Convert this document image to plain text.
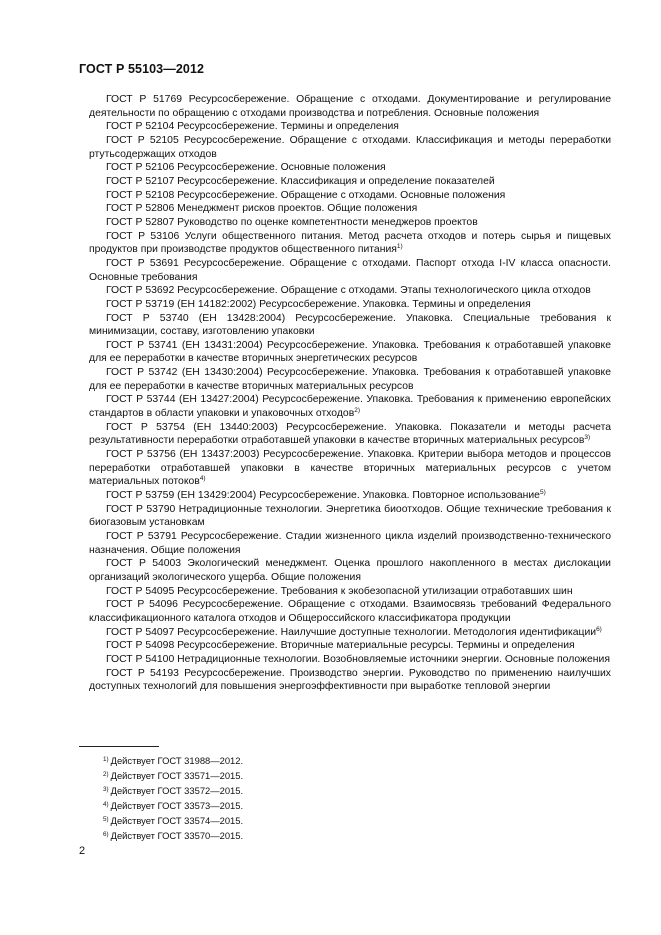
ГОСТ Р 55103—2012

ГОСТ Р 51769 Ресурсосбережение. Обращение с отходами. Документирование и регулирование деятельности по обращению с отходами производства и потребления. Основные положения

ГОСТ Р 52104 Ресурсосбережение. Термины и определения

ГОСТ Р 52105 Ресурсосбережение. Обращение с отходами. Классификация и методы переработки ртутьсодержащих отходов

ГОСТ Р 52106 Ресурсосбережение. Основные положения

ГОСТ Р 52107 Ресурсосбережение. Классификация и определение показателей

ГОСТ Р 52108 Ресурсосбережение. Обращение с отходами. Основные положения

ГОСТ Р 52806 Менеджмент рисков проектов. Общие положения

ГОСТ Р 52807 Руководство по оценке компетентности менеджеров проектов

ГОСТ Р 53106 Услуги общественного питания. Метод расчета отходов и потерь сырья и пищевых продуктов при производстве продуктов общественного питания$^{1)}$

ГОСТ Р 53691 Ресурсосбережение. Обращение с отходами. Паспорт отхода I-IV класса опасности. Основные требования

ГОСТ Р 53692 Ресурсосбережение. Обращение с отходами. Этапы технологического цикла отходов

ГОСТ Р 53719 (ЕН 14182:2002) Ресурсосбережение. Упаковка. Термины и определения

ГОСТ Р 53740 (ЕН 13428:2004) Ресурсосбережение. Упаковка. Специальные требования к минимизации, составу, изготовлению упаковки

ГОСТ Р 53741 (ЕН 13431:2004) Ресурсосбережение. Упаковка. Требования к отработавшей упаковке для ее переработки в качестве вторичных энергетических ресурсов

ГОСТ Р 53742 (ЕН 13430:2004) Ресурсосбережение. Упаковка. Требования к отработавшей упаковке для ее переработки в качестве вторичных материальных ресурсов

ГОСТ Р 53744 (ЕН 13427:2004) Ресурсосбережение. Упаковка. Требования к применению европейских стандартов в области упаковки и упаковочных отходов$^{2)}$

ГОСТ Р 53754 (ЕН 13440:2003) Ресурсосбережение. Упаковка. Показатели и методы расчета результативности переработки отработавшей упаковки в качестве вторичных материальных ресурсов$^{3)}$

ГОСТ Р 53756 (ЕН 13437:2003) Ресурсосбережение. Упаковка. Критерии выбора методов и процессов переработки отработавшей упаковки в качестве вторичных материальных ресурсов с учетом материальных потоков$^{4)}$

ГОСТ Р 53759 (ЕН 13429:2004) Ресурсосбережение. Упаковка. Повторное использование$^{5)}$

ГОСТ Р 53790 Нетрадиционные технологии. Энергетика биоотходов. Общие технические требования к биогазовым установкам

ГОСТ Р 53791 Ресурсосбережение. Стадии жизненного цикла изделий производственно-технического назначения. Общие положения

ГОСТ Р 54003 Экологический менеджмент. Оценка прошлого накопленного в местах дислокации организаций экологического ущерба. Общие положения

ГОСТ Р 54095 Ресурсосбережение. Требования к экобезопасной утилизации отработавших шин

ГОСТ Р 54096 Ресурсосбережение. Обращение с отходами. Взаимосвязь требований Федерального классификационного каталога отходов и Общероссийского классификатора продукции

ГОСТ Р 54097 Ресурсосбережение. Наилучшие доступные технологии. Методология идентификации$^{6)}$

ГОСТ Р 54098 Ресурсосбережение. Вторичные материальные ресурсы. Термины и определения

ГОСТ Р 54100 Нетрадиционные технологии. Возобновляемые источники энергии. Основные положения

ГОСТ Р 54193 Ресурсосбережение. Производство энергии. Руководство по применению наилучших доступных технологий для повышения энергоэффективности при выработке тепловой энергии

$^{1)}$ Действует ГОСТ 31988—2012.
$^{2)}$ Действует ГОСТ 33571—2015.
$^{3)}$ Действует ГОСТ 33572—2015.
$^{4)}$ Действует ГОСТ 33573—2015.
$^{5)}$ Действует ГОСТ 33574—2015.
$^{6)}$ Действует ГОСТ 33570—2015.
2
